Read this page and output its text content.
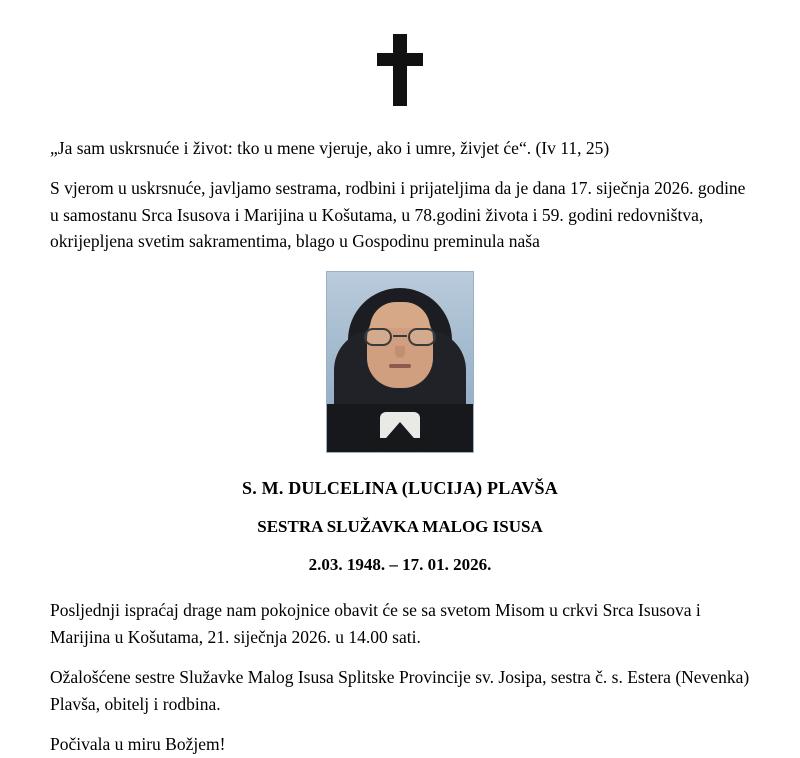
„Ja sam uskrsnuće i život: tko u mene vjeruje, ako i umre, živjet će“. (Iv 11, 25)

S vjerom u uskrsnuće, javljamo sestrama, rodbini i prijateljima da je dana 17. siječnja 2026. godine u samostanu Srca Isusova i Marijina u Košutama, u 78.godini života i 59. godini redovništva, okrijepljena svetim sakramentima, blago u Gospodinu preminula naša

S. M. DULCELINA (LUCIJA) PLAVŠA

SESTRA SLUŽAVKA MALOG ISUSA

2.03. 1948. – 17. 01. 2026.

Posljednji ispraćaj drage nam pokojnice obavit će se sa svetom Misom u crkvi Srca Isusova i Marijina u Košutama, 21. siječnja 2026. u 14.00 sati.

Ožalošćene sestre Služavke Malog Isusa Splitske Provincije sv. Josipa, sestra č. s. Estera (Nevenka) Plavša, obitelj i rodbina.

Počivala u miru Božjem!
